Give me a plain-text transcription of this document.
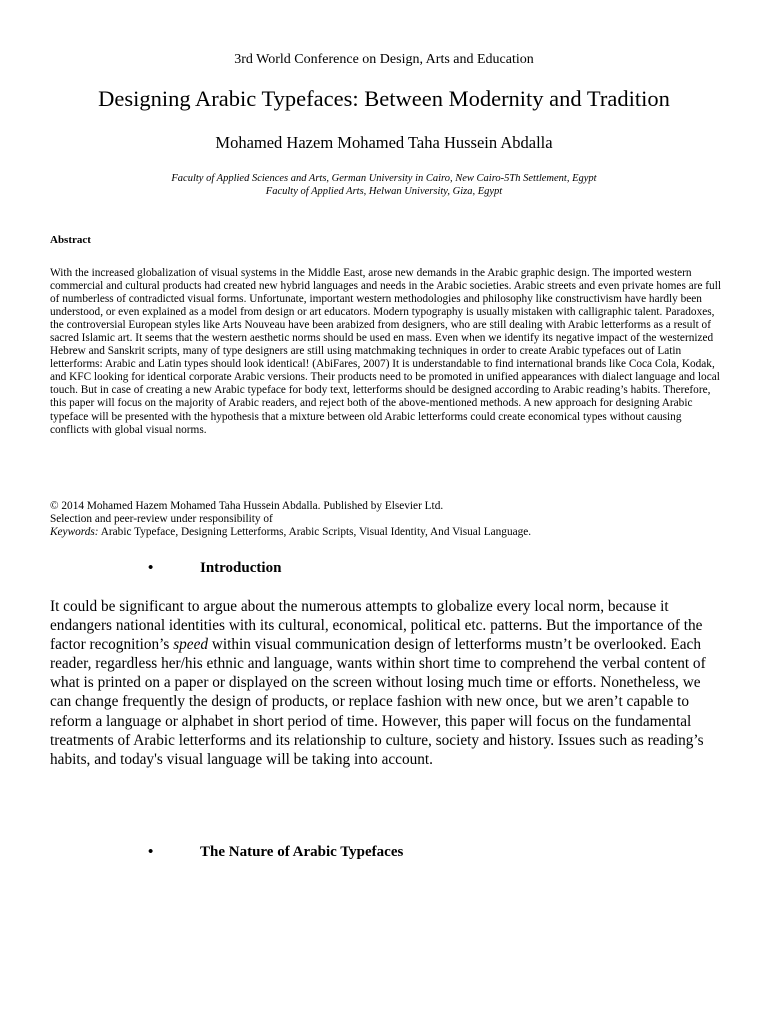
3rd World Conference on Design, Arts and Education
Designing Arabic Typefaces: Between Modernity and Tradition
Mohamed Hazem Mohamed Taha Hussein Abdalla
Faculty of Applied Sciences and Arts, German University in Cairo, New Cairo-5Th Settlement, Egypt
Faculty of Applied Arts, Helwan University, Giza, Egypt
Abstract

With the increased globalization of visual systems in the Middle East, arose new demands in the Arabic graphic design. The imported western commercial and cultural products had created new hybrid languages and needs in the Arabic societies. Arabic streets and even private homes are full of numberless of contradicted visual forms. Unfortunate, important western methodologies and philosophy like constructivism have hardly been understood, or even explained as a model from design or art educators. Modern typography is usually mistaken with calligraphic talent. Paradoxes, the controversial European styles like Arts Nouveau have been arabized from designers, who are still dealing with Arabic letterforms as a result of sacred Islamic art. It seems that the western aesthetic norms should be used en mass. Even when we identify its negative impact of the westernized Hebrew and Sanskrit scripts, many of type designers are still using matchmaking techniques in order to create Arabic typefaces out of Latin letterforms: Arabic and Latin types should look identical! (AbiFares, 2007) It is understandable to find international brands like Coca Cola, Kodak, and KFC looking for identical corporate Arabic versions. Their products need to be promoted in unified appearances with dialect language and local touch. But in case of creating a new Arabic typeface for body text, letterforms should be designed according to Arabic reading’s habits. Therefore, this paper will focus on the majority of Arabic readers, and reject both of the above-mentioned methods. A new approach for designing Arabic typeface will be presented with the hypothesis that a mixture between old Arabic letterforms could create economical types without causing conflicts with global visual norms.

© 2014 Mohamed Hazem Mohamed Taha Hussein Abdalla. Published by Elsevier Ltd.
Selection and peer-review under responsibility of
Keywords: Arabic Typeface, Designing Letterforms, Arabic Scripts, Visual Identity, And Visual Language.
•	Introduction

It could be significant to argue about the numerous attempts to globalize every local norm, because it endangers national identities with its cultural, economical, political etc. patterns. But the importance of the factor recognition’s speed within visual communication design of letterforms mustn’t be overlooked. Each reader, regardless her/his ethnic and language, wants within short time to comprehend the verbal content of what is printed on a paper or displayed on the screen without losing much time or efforts. Nonetheless, we can change frequently the design of products, or replace fashion with new once, but we aren’t capable to reform a language or alphabet in short period of time. However, this paper will focus on the fundamental treatments of Arabic letterforms and its relationship to culture, society and history. Issues such as reading’s habits, and today's visual language will be taking into account.

•	The Nature of Arabic Typefaces
